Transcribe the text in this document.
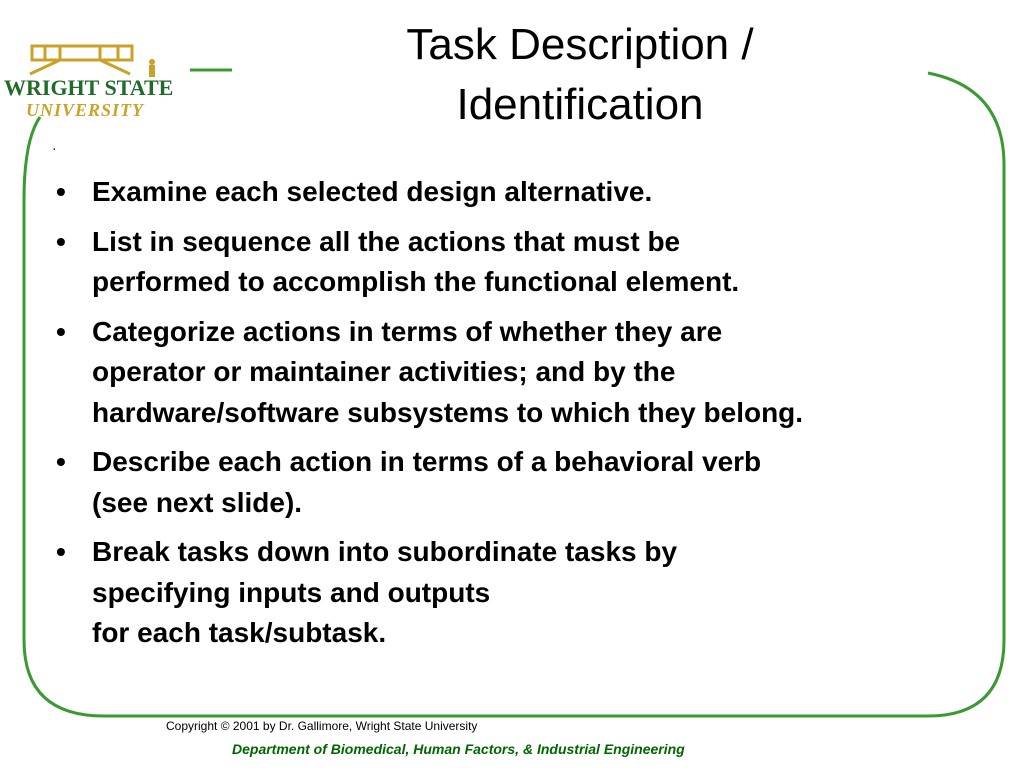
WRIGHT STATE
UNIVERSITY
Task Description /
Identification
·
• Examine each selected design alternative.
• List in sequence all the actions that must be
performed to accomplish the functional element.
• Categorize actions in terms of whether they are
operator or maintainer activities; and by the
hardware/software subsystems to which they belong.
• Describe each action in terms of a behavioral verb
(see next slide).
• Break tasks down into subordinate tasks by
specifying inputs and outputs
for each task/subtask.
Copyright © 2001 by Dr. Gallimore, Wright State University
Department of Biomedical, Human Factors, & Industrial Engineering
